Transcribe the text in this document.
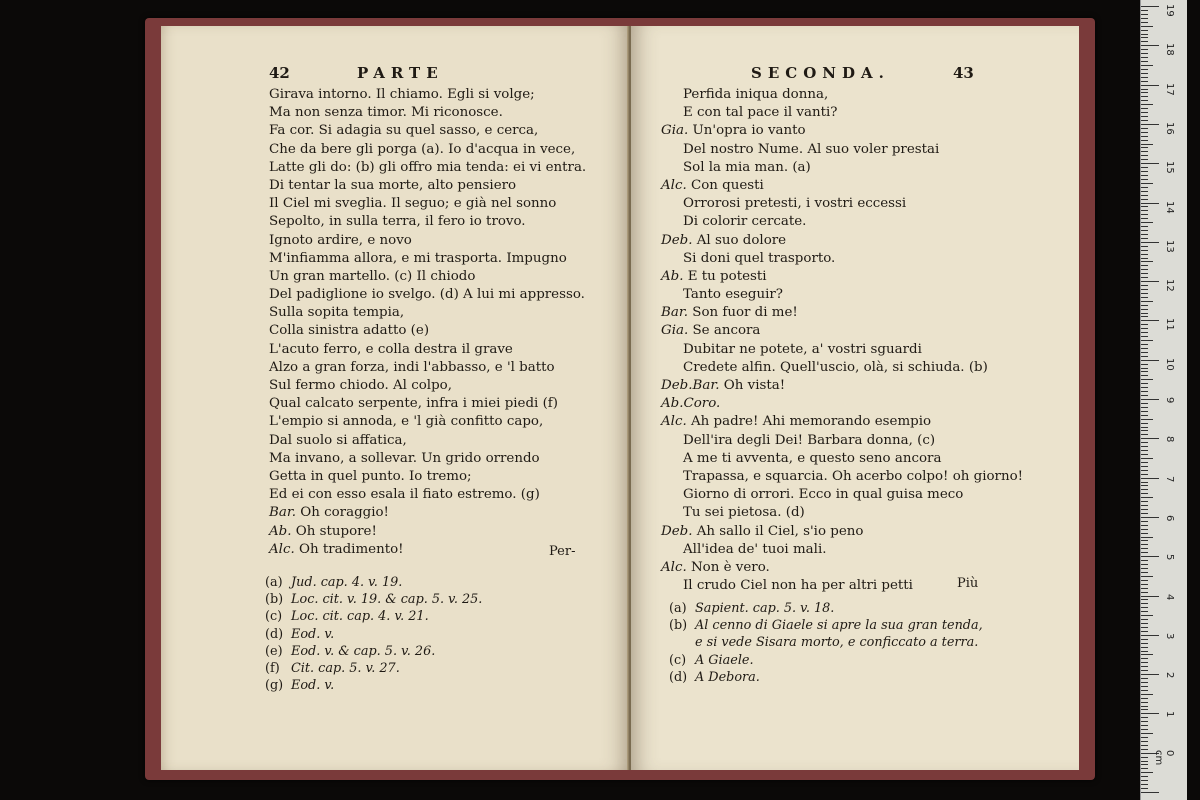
42	PARTE
Girava intorno. Il chiamo. Egli si volge;
Ma non senza timor. Mi riconosce.
Fa cor. Si adagia su quel sasso, e cerca,
Che da bere gli porga (a). Io d'acqua in vece,
Latte gli do: (b) gli offro mia tenda: ei vi entra.
Di tentar la sua morte, alto pensiero
Il Ciel mi sveglia. Il seguo; e già nel sonno
Sepolto, in sulla terra, il fero io trovo.
Ignoto ardire, e novo
M'infiamma allora, e mi trasporta. Impugno
Un gran martello. (c) Il chiodo
Del padiglione io svelgo. (d) A lui mi appresso.
Sulla sopita tempia,
Colla sinistra adatto (e)
L'acuto ferro, e colla destra il grave
Alzo a gran forza, indi l'abbasso, e 'l batto
Sul fermo chiodo. Al colpo,
Qual calcato serpente, infra i miei piedi (f)
L'empio si annoda, e 'l già confitto capo,
Dal suolo si affatica,
Ma invano, a sollevar. Un grido orrendo
Getta in quel punto. Io tremo;
Ed ei con esso esala il fiato estremo. (g)
Bar. Oh coraggio!
Ab. Oh stupore!
Alc. Oh tradimento!	Per-
(a) Jud. cap. 4. v. 19.
(b) Loc. cit. v. 19. & cap. 5. v. 25.
(c) Loc. cit. cap. 4. v. 21.
(d) Eod. v.
(e) Eod. v. & cap. 5. v. 26.
(f) Cit. cap. 5. v. 27.
(g) Eod. v.
SECONDA.	43
Perfida iniqua donna,
E con tal pace il vanti?
Gia. Un'opra io vanto
Del nostro Nume. Al suo voler prestai
Sol la mia man. (a)
Alc. Con questi
Orrorosi pretesti, i vostri eccessi
Di colorir cercate.
Deb. Al suo dolore
Si doni quel trasporto.
Ab. E tu potesti
Tanto eseguir?
Bar. Son fuor di me!
Gia. Se ancora
Dubitar ne potete, a' vostri sguardi
Credete alfin. Quell'uscio, olà, si schiuda. (b)
Deb.Bar. Oh vista!
Ab.Coro.
Alc. Ah padre! Ahi memorando esempio
Dell'ira degli Dei! Barbara donna, (c)
A me ti avventa, e questo seno ancora
Trapassa, e squarcia. Oh acerbo colpo! oh giorno!
Giorno di orrori. Ecco in qual guisa meco
Tu sei pietosa. (d)
Deb. Ah sallo il Ciel, s'io peno
All'idea de' tuoi mali.
Alc. Non è vero.
Il crudo Ciel non ha per altri petti	Più
(a) Sapient. cap. 5. v. 18.
(b) Al cenno di Giaele si apre la sua gran tenda,
e si vede Sisara morto, e conficcato a terra.
(c) A Giaele.
(d) A Debora.
19
18
17
16
15
14
13
12
11
10
9
8
7
6
5
4
3
2
1
0 cm
